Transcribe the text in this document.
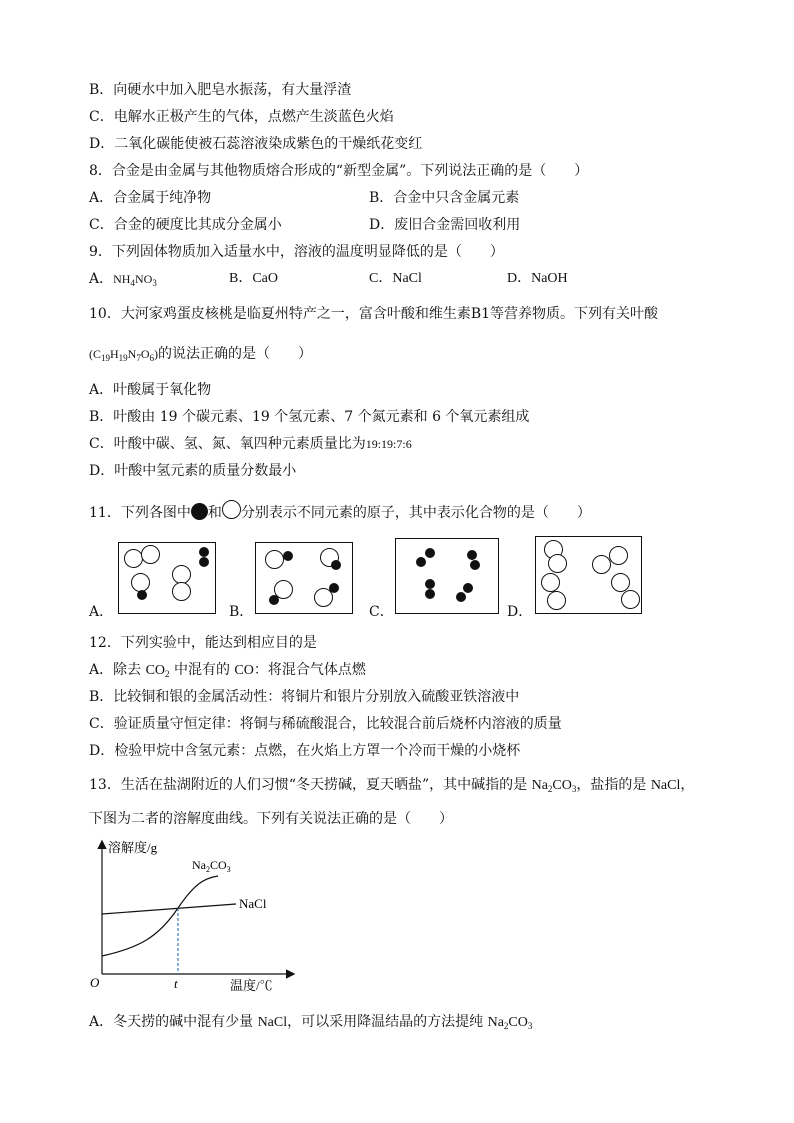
B．向硬水中加入肥皂水振荡，有大量浮渣
C．电解水正极产生的气体，点燃产生淡蓝色火焰
D．二氧化碳能使被石蕊溶液染成紫色的干燥纸花变红
8．合金是由金属与其他物质熔合形成的“新型金属”。下列说法正确的是（　　）
A．合金属于纯净物	B．合金中只含金属元素
C．合金的硬度比其成分金属小	D．废旧合金需回收利用
9．下列固体物质加入适量水中，溶液的温度明显降低的是（　　）
A．$NH_4NO_3$	B．CaO	C．NaCl	D．NaOH
10．大河家鸡蛋皮核桃是临夏州特产之一，富含叶酸和维生素B1等营养物质。下列有关叶酸
$(C_{19}H_{19}N_7O_6)$的说法正确的是（　　）
A．叶酸属于氧化物
B．叶酸由 19 个碳元素、19 个氢元素、7 个氮元素和 6 个氧元素组成
C．叶酸中碳、氢、氮、氧四种元素质量比为19:19:7:6
D．叶酸中氢元素的质量分数最小
11．下列各图中 和 分别表示不同元素的原子，其中表示化合物的是（　　）
A．	B．	C．	D．
12．下列实验中，能达到相应目的是
A．除去 $CO_2$ 中混有的 CO：将混合气体点燃
B．比较铜和银的金属活动性：将铜片和银片分别放入硫酸亚铁溶液中
C．验证质量守恒定律：将铜与稀硫酸混合，比较混合前后烧杯内溶液的质量
D．检验甲烷中含氢元素：点燃，在火焰上方罩一个冷而干燥的小烧杯
13．生活在盐湖附近的人们习惯“冬天捞碱，夏天晒盐”，其中碱指的是 $Na_2CO_3$，盐指的是 NaCl，
下图为二者的溶解度曲线。下列有关说法正确的是（　　）
溶解度/g
O	t	温度/℃
$Na_2CO_3$
NaCl
A．冬天捞的碱中混有少量 NaCl，可以采用降温结晶的方法提纯 $Na_2CO_3$
